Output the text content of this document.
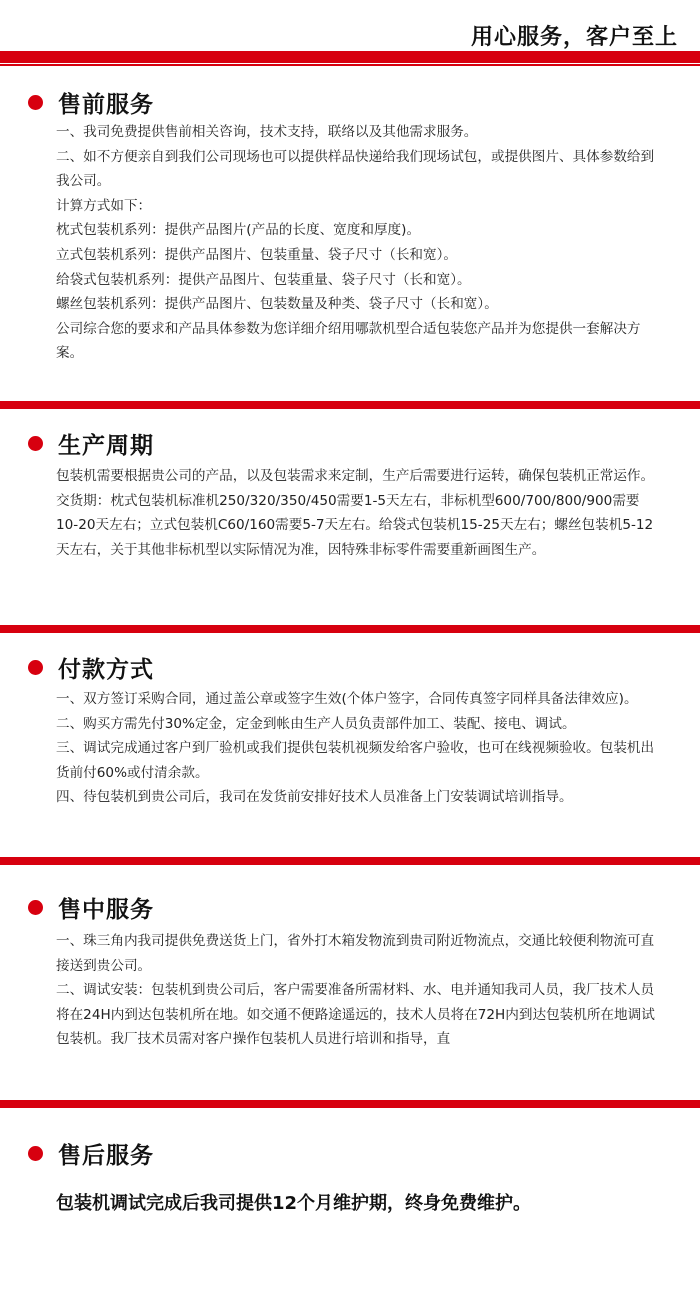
用心服务，客户至上
售前服务

一、我司免费提供售前相关咨询，技术支持，联络以及其他需求服务。

二、如不方便亲自到我们公司现场也可以提供样品快递给我们现场试包，或提供图片、具体参数给到我公司。

计算方式如下：

枕式包装机系列：提供产品图片(产品的长度、宽度和厚度)。

立式包装机系列：提供产品图片、包装重量、袋子尺寸（长和宽）。

给袋式包装机系列：提供产品图片、包装重量、袋子尺寸（长和宽）。

螺丝包装机系列：提供产品图片、包装数量及种类、袋子尺寸（长和宽）。

公司综合您的要求和产品具体参数为您详细介绍用哪款机型合适包装您产品并为您提供一套解决方案。

生产周期

包装机需要根据贵公司的产品，以及包装需求来定制，生产后需要进行运转，确保包装机正常运作。

交货期：枕式包装机标准机250/320/350/450需要1-5天左右，非标机型600/700/800/900需要10-20天左右；立式包装机C60/160需要5-7天左右。给袋式包装机15-25天左右；螺丝包装机5-12天左右，关于其他非标机型以实际情况为准，因特殊非标零件需要重新画图生产。

付款方式

一、双方签订采购合同，通过盖公章或签字生效(个体户签字，合同传真签字同样具备法律效应)。

二、购买方需先付30%定金，定金到帐由生产人员负责部件加工、装配、接电、调试。

三、调试完成通过客户到厂验机或我们提供包装机视频发给客户验收，也可在线视频验收。包装机出货前付60%或付清余款。

四、待包装机到贵公司后，我司在发货前安排好技术人员准备上门安装调试培训指导。

售中服务

一、珠三角内我司提供免费送货上门，省外打木箱发物流到贵司附近物流点，交通比较便利物流可直接送到贵公司。

二、调试安装：包装机到贵公司后，客户需要准备所需材料、水、电并通知我司人员，我厂技术人员将在24H内到达包装机所在地。如交通不便路途遥远的，技术人员将在72H内到达包装机所在地调试包装机。我厂技术员需对客户操作包装机人员进行培训和指导，直

售后服务
包装机调试完成后我司提供12个月维护期，终身免费维护。
